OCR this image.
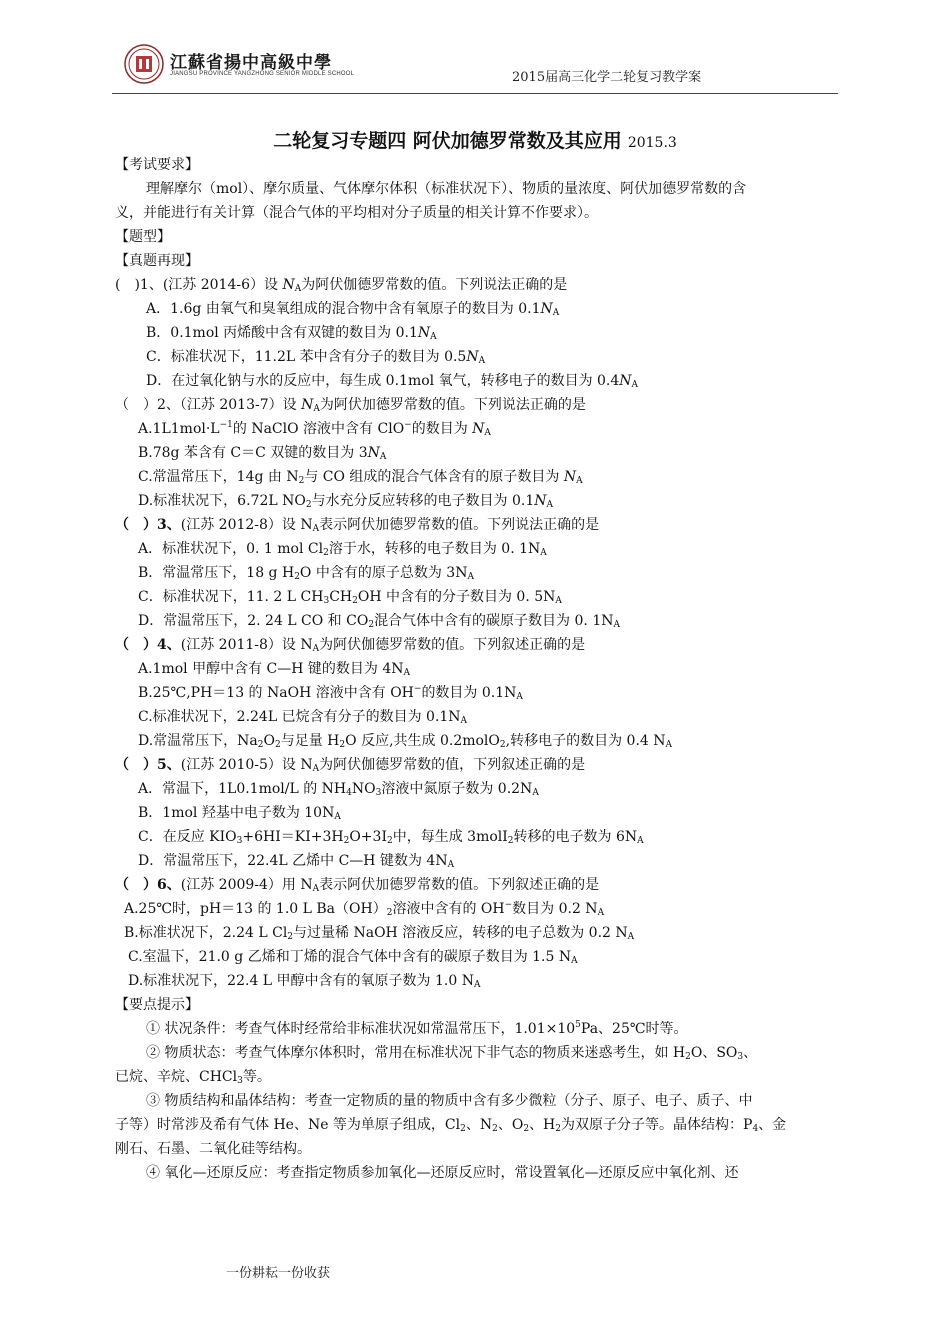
江蘇省揚中高級中學
JIANGSU PROVINCE YANGZHONG SENIOR MIDDLE SCHOOL	2015届高三化学二轮复习教学案
二轮复习专题四 阿伏加德罗常数及其应用 2015.3
【考试要求】
理解摩尔（mol）、摩尔质量、气体摩尔体积（标准状况下）、物质的量浓度、阿伏加德罗常数的含
义，并能进行有关计算（混合气体的平均相对分子质量的相关计算不作要求）。
【题型】
【真题再现】
(　)1、(江苏 2014-6）设 $N_A$为阿伏伽德罗常数的值。下列说法正确的是
A．1.6g 由氧气和臭氧组成的混合物中含有氧原子的数目为 $0.1N_A$
B．0.1mol 丙烯酸中含有双键的数目为 $0.1N_A$
C．标准状况下，11.2L 苯中含有分子的数目为 $0.5N_A$
D．在过氧化钠与水的反应中，每生成 0.1mol 氧气，转移电子的数目为 $0.4N_A$
（　）2、（江苏 2013-7）设 $N_A$为阿伏加德罗常数的值。下列说法正确的是
$A.1L1mol\cdot L^{-1}$的 NaClO 溶液中含有 ClO−的数目为 $N_A$
B.78g 苯含有 C＝C 双键的数目为 $3N_A$
C.常温常压下，14g 由 $N_2$与 CO 组成的混合气体含有的原子数目为 $N_A$
D.标准状况下，6.72L $NO_2$与水充分反应转移的电子数目为 $0.1N_A$
（　）3、(江苏 2012-8）设 $N_A$表示阿伏加德罗常数的值。下列说法正确的是
A．标准状况下，0. 1 mol $Cl_2$溶于水，转移的电子数目为 0. $1N_A$
B．常温常压下，18 g $H_2O$ 中含有的原子总数为 $3N_A$
C．标准状况下，11. 2 L $CH_3CH_2OH$ 中含有的分子数目为 0. $5N_A$
D．常温常压下，2. 24 L CO 和 $CO_2$混合气体中含有的碳原子数目为 0. $1N_A$
（　）4、(江苏 2011-8）设 $N_A$为阿伏伽德罗常数的值。下列叙述正确的是
A.1mol 甲醇中含有 C—H 键的数目为 $4N_A$
B.25℃,PH＝13 的 NaOH 溶液中含有 OH−的数目为 $0.1N_A$
C.标准状况下，2.24L 已烷含有分子的数目为 $0.1N_A$
D.常温常压下，$Na_2O_2$与足量 $H_2O$ 反应,共生成 0.2molO$_2$,转移电子的数目为 0.4 $N_A$
（　）5、(江苏 2010-5）设 $N_A$为阿伏伽德罗常数的值，下列叙述正确的是
A．常温下，1L0.1mol/L 的 $NH_4NO_3$溶液中氮原子数为 $0.2N_A$
B．1mol 羟基中电子数为 $10N_A$
C．在反应 $KIO_3+6HI=KI+3H_2O+3I_2$中，每生成 3molI$_2$转移的电子数为 $6N_A$
D．常温常压下，22.4L 乙烯中 C—H 键数为 $4N_A$
（　）6、(江苏 2009-4）用 $N_A$表示阿伏加德罗常数的值。下列叙述正确的是
A.25℃时，pH＝13 的 1.0 L $Ba(OH)_2$溶液中含有的 OH−数目为 0.2 $N_A$
B.标准状况下，2.24 L $Cl_2$与过量稀 NaOH 溶液反应，转移的电子总数为 0.2 $N_A$
C.室温下，21.0 g 乙烯和丁烯的混合气体中含有的碳原子数目为 1.5 $N_A$
D.标准状况下，22.4 L 甲醇中含有的氧原子数为 1.0 $N_A$
【要点提示】
① 状况条件：考查气体时经常给非标准状况如常温常压下，$1.01\times 10^5Pa$、25℃时等。
② 物质状态：考查气体摩尔体积时，常用在标准状况下非气态的物质来迷惑考生，如 $H_2O$、$SO_3$、
已烷、辛烷、CHCl$_3$等。
③ 物质结构和晶体结构：考查一定物质的量的物质中含有多少微粒（分子、原子、电子、质子、中
子等）时常涉及希有气体 He、Ne 等为单原子组成，$Cl_2$、$N_2$、$O_2$、$H_2$为双原子分子等。晶体结构：$P_4$、金
刚石、石墨、二氧化硅等结构。
④ 氧化—还原反应：考查指定物质参加氧化—还原反应时，常设置氧化—还原反应中氧化剂、还
一份耕耘一份收获
